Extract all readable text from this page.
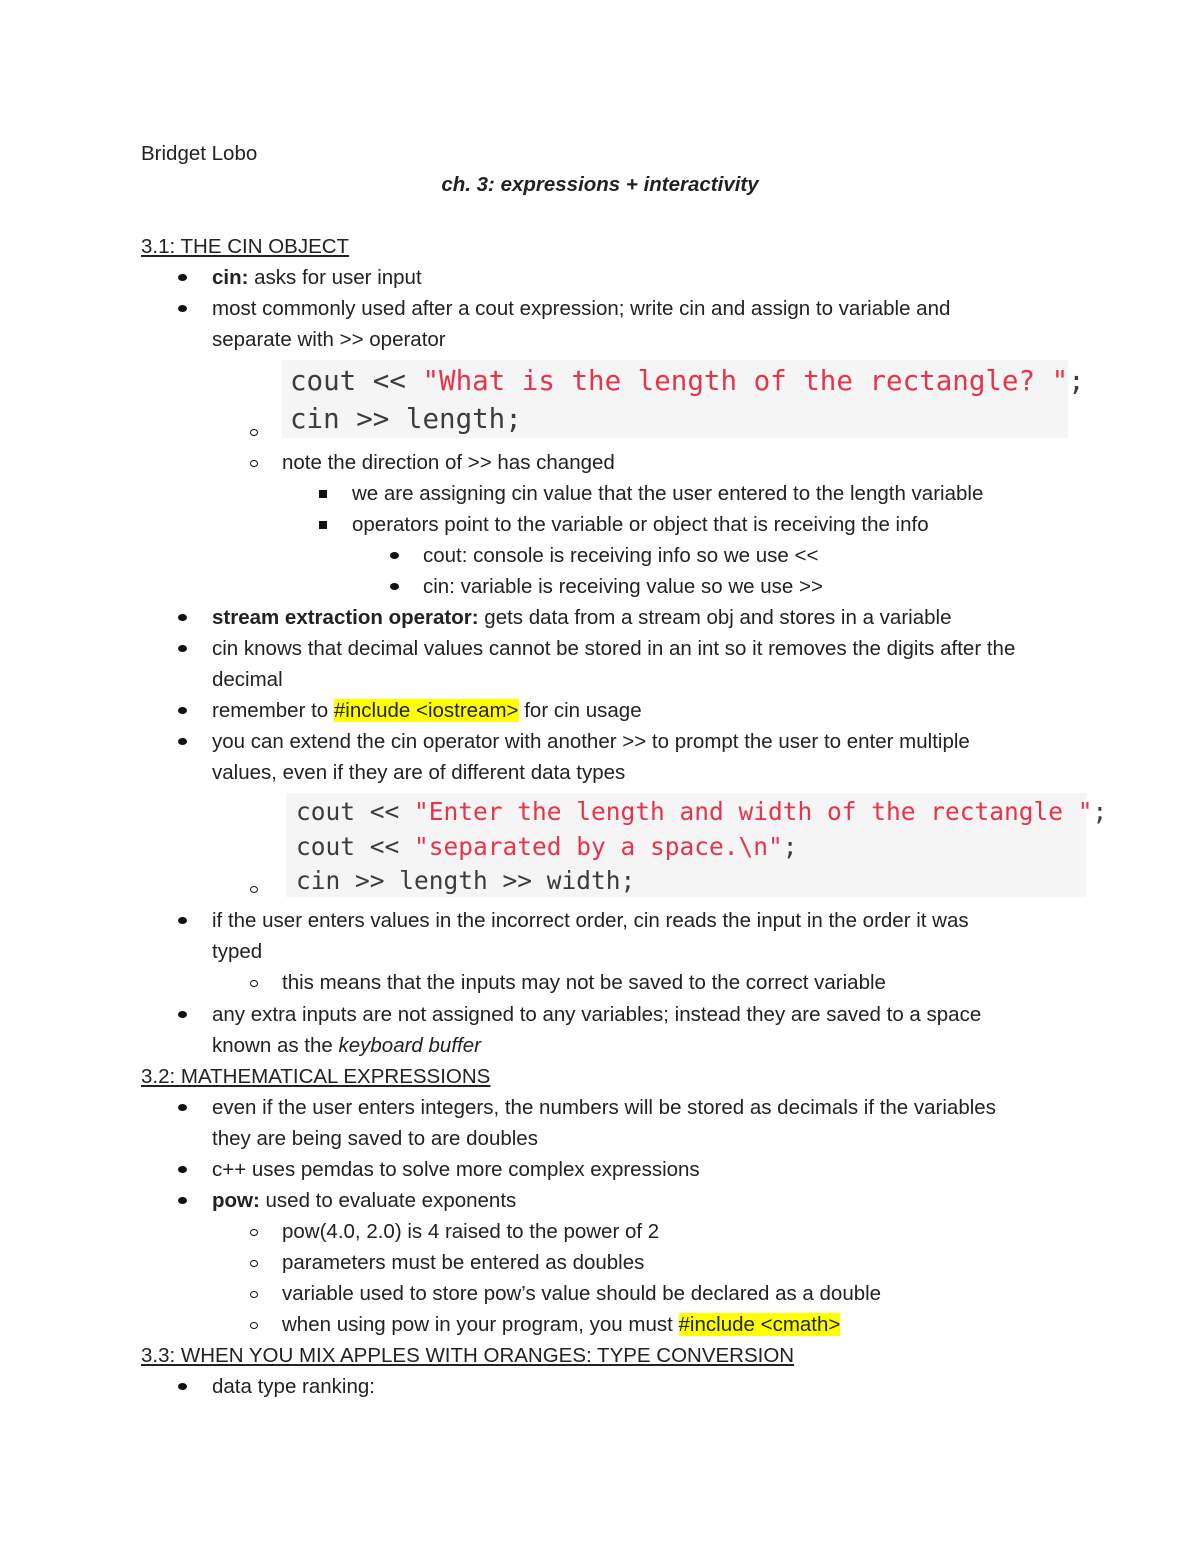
Bridget Lobo
ch. 3: expressions + interactivity
3.1: THE CIN OBJECT
cin: asks for user input
most commonly used after a cout expression; write cin and assign to variable and
separate with >> operator
cout << "What is the length of the rectangle? ";
cin >> length;
note the direction of >> has changed
we are assigning cin value that the user entered to the length variable
operators point to the variable or object that is receiving the info
cout: console is receiving info so we use <<
cin: variable is receiving value so we use >>
stream extraction operator: gets data from a stream obj and stores in a variable
cin knows that decimal values cannot be stored in an int so it removes the digits after the
decimal
remember to #include <iostream> for cin usage
you can extend the cin operator with another >> to prompt the user to enter multiple
values, even if they are of different data types
cout << "Enter the length and width of the rectangle ";
cout << "separated by a space.\n";
cin >> length >> width;
if the user enters values in the incorrect order, cin reads the input in the order it was
typed
this means that the inputs may not be saved to the correct variable
any extra inputs are not assigned to any variables; instead they are saved to a space
known as the keyboard buffer
3.2: MATHEMATICAL EXPRESSIONS
even if the user enters integers, the numbers will be stored as decimals if the variables
they are being saved to are doubles
c++ uses pemdas to solve more complex expressions
pow: used to evaluate exponents
pow(4.0, 2.0) is 4 raised to the power of 2
parameters must be entered as doubles
variable used to store pow’s value should be declared as a double
when using pow in your program, you must #include <cmath>
3.3: WHEN YOU MIX APPLES WITH ORANGES: TYPE CONVERSION
data type ranking:
